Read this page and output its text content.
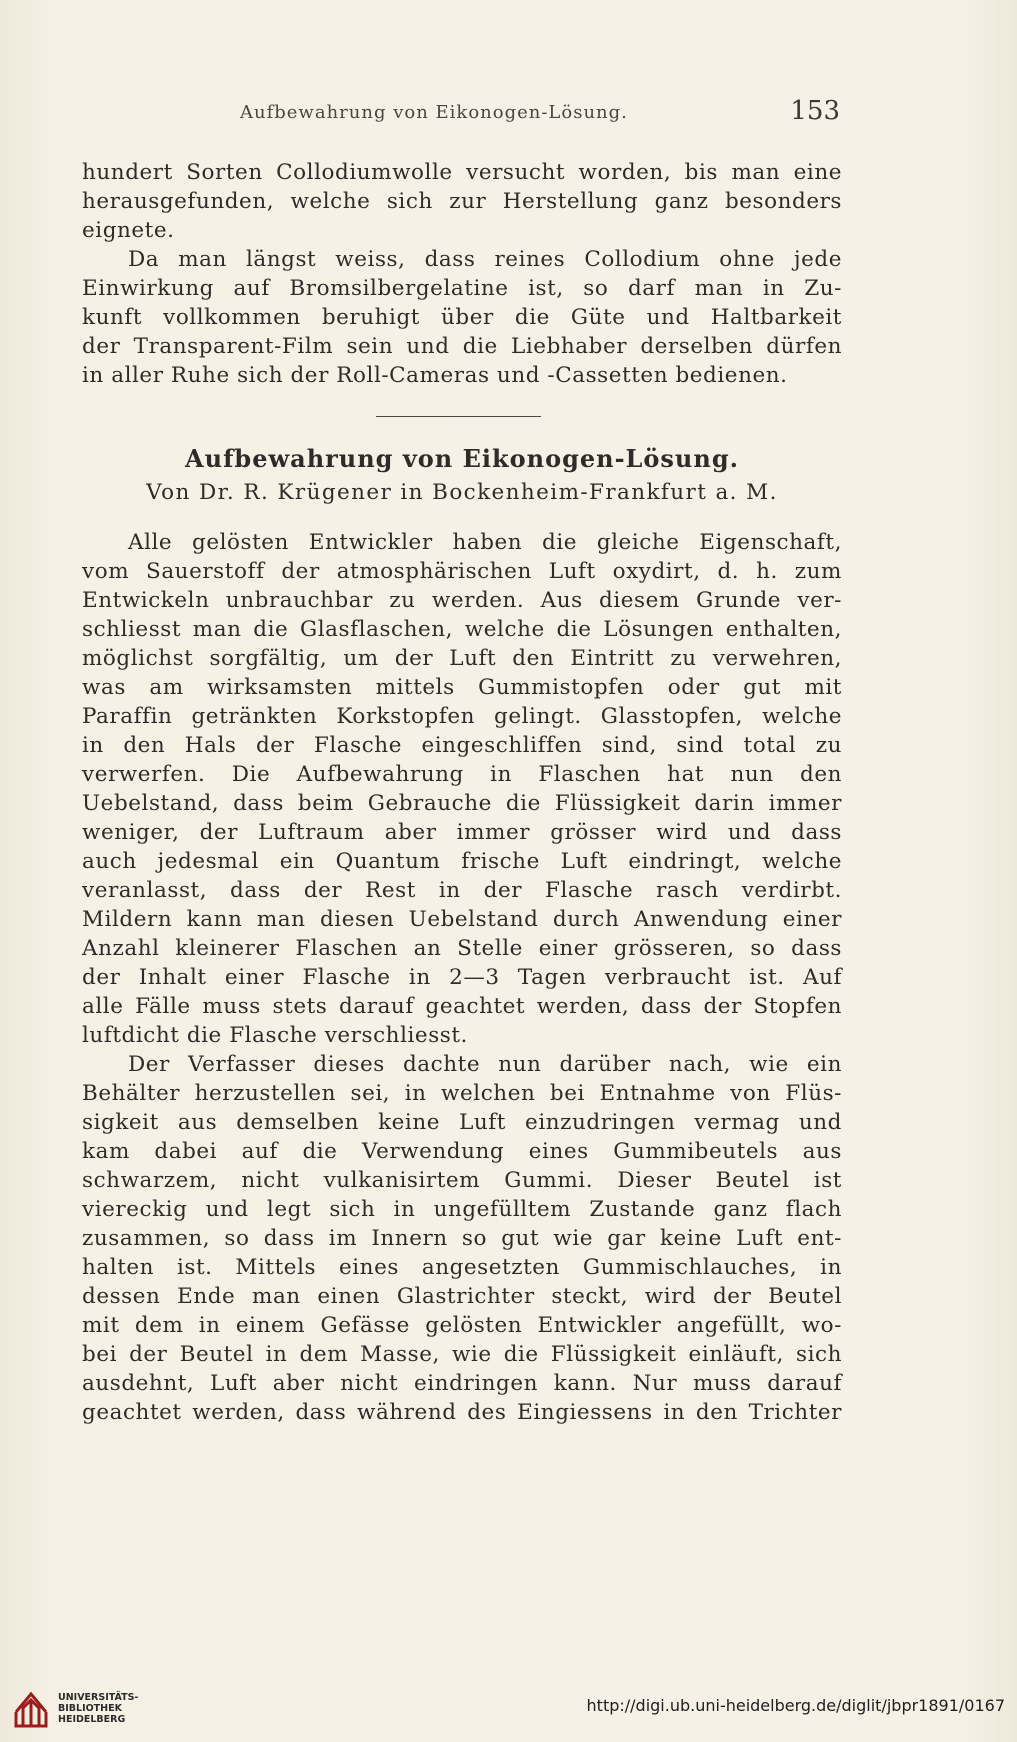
Aufbewahrung von Eikonogen-Lösung.	153
hundert Sorten Collodiumwolle versucht worden, bis man eine
herausgefunden, welche sich zur Herstellung ganz besonders
eignete.
Da man längst weiss, dass reines Collodium ohne jede
Einwirkung auf Bromsilbergelatine ist, so darf man in Zu-
kunft vollkommen beruhigt über die Güte und Haltbarkeit
der Transparent-Film sein und die Liebhaber derselben dürfen
in aller Ruhe sich der Roll-Cameras und -Cassetten bedienen.
Aufbewahrung von Eikonogen-Lösung.
Von Dr. R. Krügener in Bockenheim-Frankfurt a. M.
Alle gelösten Entwickler haben die gleiche Eigenschaft,
vom Sauerstoff der atmosphärischen Luft oxydirt, d. h. zum
Entwickeln unbrauchbar zu werden. Aus diesem Grunde ver-
schliesst man die Glasflaschen, welche die Lösungen enthalten,
möglichst sorgfältig, um der Luft den Eintritt zu verwehren,
was am wirksamsten mittels Gummistopfen oder gut mit
Paraffin getränkten Korkstopfen gelingt. Glasstopfen, welche
in den Hals der Flasche eingeschliffen sind, sind total zu
verwerfen. Die Aufbewahrung in Flaschen hat nun den
Uebelstand, dass beim Gebrauche die Flüssigkeit darin immer
weniger, der Luftraum aber immer grösser wird und dass
auch jedesmal ein Quantum frische Luft eindringt, welche
veranlasst, dass der Rest in der Flasche rasch verdirbt.
Mildern kann man diesen Uebelstand durch Anwendung einer
Anzahl kleinerer Flaschen an Stelle einer grösseren, so dass
der Inhalt einer Flasche in 2—3 Tagen verbraucht ist. Auf
alle Fälle muss stets darauf geachtet werden, dass der Stopfen
luftdicht die Flasche verschliesst.
Der Verfasser dieses dachte nun darüber nach, wie ein
Behälter herzustellen sei, in welchen bei Entnahme von Flüs-
sigkeit aus demselben keine Luft einzudringen vermag und
kam dabei auf die Verwendung eines Gummibeutels aus
schwarzem, nicht vulkanisirtem Gummi. Dieser Beutel ist
viereckig und legt sich in ungefülltem Zustande ganz flach
zusammen, so dass im Innern so gut wie gar keine Luft ent-
halten ist. Mittels eines angesetzten Gummischlauches, in
dessen Ende man einen Glastrichter steckt, wird der Beutel
mit dem in einem Gefässe gelösten Entwickler angefüllt, wo-
bei der Beutel in dem Masse, wie die Flüssigkeit einläuft, sich
ausdehnt, Luft aber nicht eindringen kann. Nur muss darauf
geachtet werden, dass während des Eingiessens in den Trichter
UNIVERSITÄTS-
BIBLIOTHEK
HEIDELBERG
http://digi.ub.uni-heidelberg.de/diglit/jbpr1891/0167
